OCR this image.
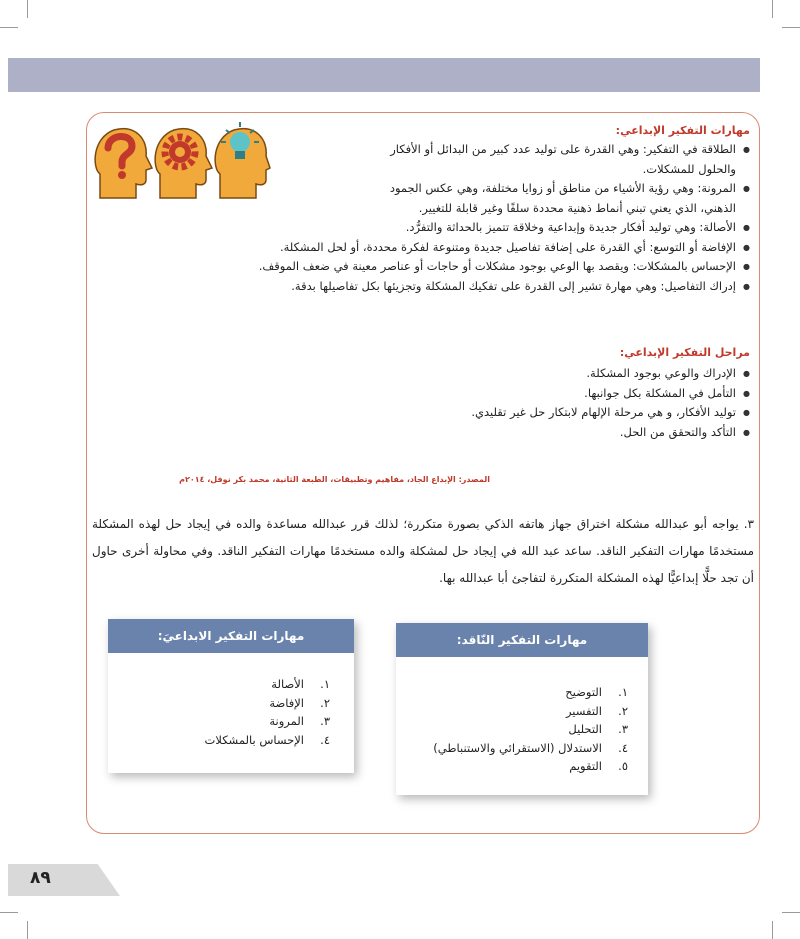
مهارات التفكير الإبداعي:
● الطلاقة في التفكير: وهي القدرة على توليد عدد كبير من البدائل أو الأفكار
والحلول للمشكلات.
● المرونة: وهي رؤية الأشياء من مناطق أو زوايا مختلفة، وهي عكس الجمود
الذهني، الذي يعني تبني أنماط ذهنية محددة سلفًا وغير قابلة للتغيير.
● الأصالة: وهي توليد أفكار جديدة وإبداعية وخلاقة تتميز بالحداثة والتفرُّد.
● الإفاضة أو التوسع: أي القدرة على إضافة تفاصيل جديدة ومتنوعة لفكرة محددة، أو لحل المشكلة.
● الإحساس بالمشكلات: ويقصد بها الوعي بوجود مشكلات أو حاجات أو عناصر معينة في ضعف الموقف.
● إدراك التفاصيل: وهي مهارة تشير إلى القدرة على تفكيك المشكلة وتجزيئها بكل تفاصيلها بدقة.
مراحل التفكير الإبداعي:
● الإدراك والوعي بوجود المشكلة.
● التأمل في المشكلة بكل جوانبها.
● توليد الأفكار، و هي مرحلة الإلهام لابتكار حل غير تقليدي.
● التأكد والتحقق من الحل.
المصدر: الإبداع الجاد، مفاهيم وتطبيقات، الطبعة الثانية، محمد بكر نوفل، ٢٠١٤م
٣. يواجه أبو عبدالله مشكلة اختراق جهاز هاتفه الذكي بصورة متكررة؛ لذلك قرر عبدالله مساعدة والده في إيجاد حل لهذه المشكلة مستخدمًا مهارات التفكير الناقد. ساعد عبد الله في إيجاد حل لمشكلة والده مستخدمًا مهارات التفكير الناقد. وفي محاولة أخرى حاول أن تجد حلًّا إبداعيًّا لهذه المشكلة المتكررة لتفاجئ أبا عبدالله بها.
مهارات التفكير الابداعيَ:
١.الأصالة
٢.الإفاضة
٣.المرونة
٤.الإحساس بالمشكلات
مهارات التفكير النّاقد:
١.التوضيح
٢.التفسير
٣.التحليل
٤.الاستدلال (الاستقرائي والاستنباطي)
٥.التقويم
٨٩
